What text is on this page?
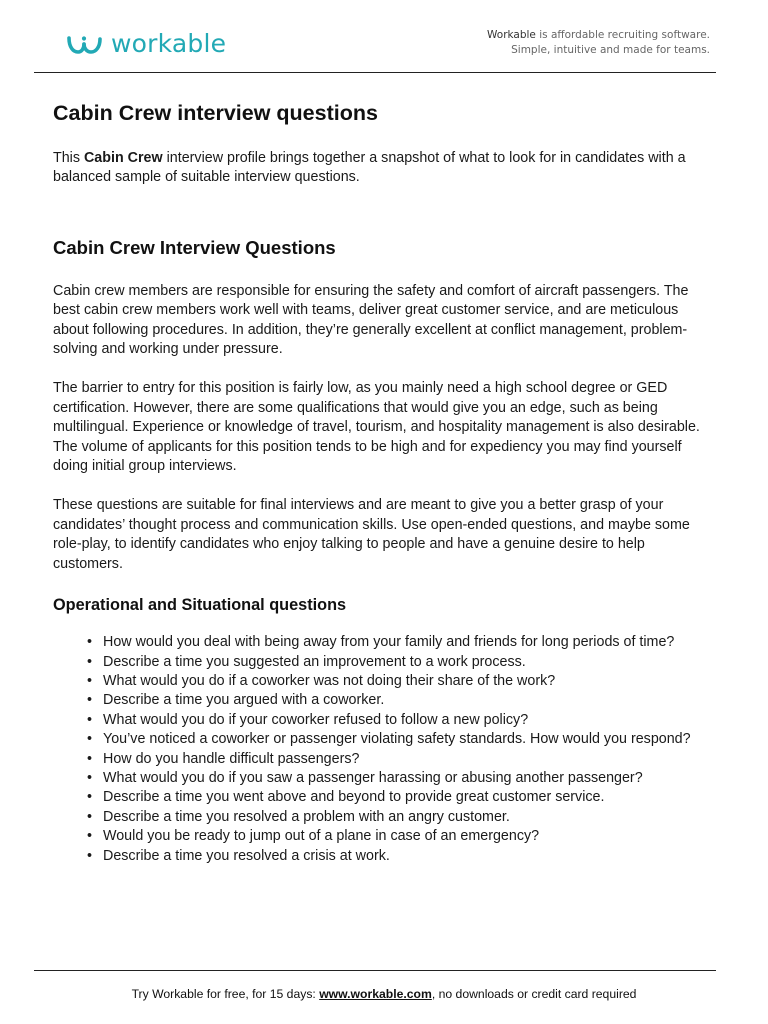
workable	Workable is affordable recruiting software.
Simple, intuitive and made for teams.
Cabin Crew interview questions

This Cabin Crew interview profile brings together a snapshot of what to look for in candidates with a balanced sample of suitable interview questions.

Cabin Crew Interview Questions

Cabin crew members are responsible for ensuring the safety and comfort of aircraft passengers. The best cabin crew members work well with teams, deliver great customer service, and are meticulous about following procedures. In addition, they’re generally excellent at conflict management, problem-solving and working under pressure.

The barrier to entry for this position is fairly low, as you mainly need a high school degree or GED certification. However, there are some qualifications that would give you an edge, such as being multilingual. Experience or knowledge of travel, tourism, and hospitality management is also desirable. The volume of applicants for this position tends to be high and for expediency you may find yourself doing initial group interviews.

These questions are suitable for final interviews and are meant to give you a better grasp of your candidates’ thought process and communication skills. Use open-ended questions, and maybe some role-play, to identify candidates who enjoy talking to people and have a genuine desire to help customers.

Operational and Situational questions
• How would you deal with being away from your family and friends for long periods of time?
• Describe a time you suggested an improvement to a work process.
• What would you do if a coworker was not doing their share of the work?
• Describe a time you argued with a coworker.
• What would you do if your coworker refused to follow a new policy?
• You’ve noticed a coworker or passenger violating safety standards. How would you respond?
• How do you handle difficult passengers?
• What would you do if you saw a passenger harassing or abusing another passenger?
• Describe a time you went above and beyond to provide great customer service.
• Describe a time you resolved a problem with an angry customer.
• Would you be ready to jump out of a plane in case of an emergency?
• Describe a time you resolved a crisis at work.
Try Workable for free, for 15 days: www.workable.com, no downloads or credit card required
